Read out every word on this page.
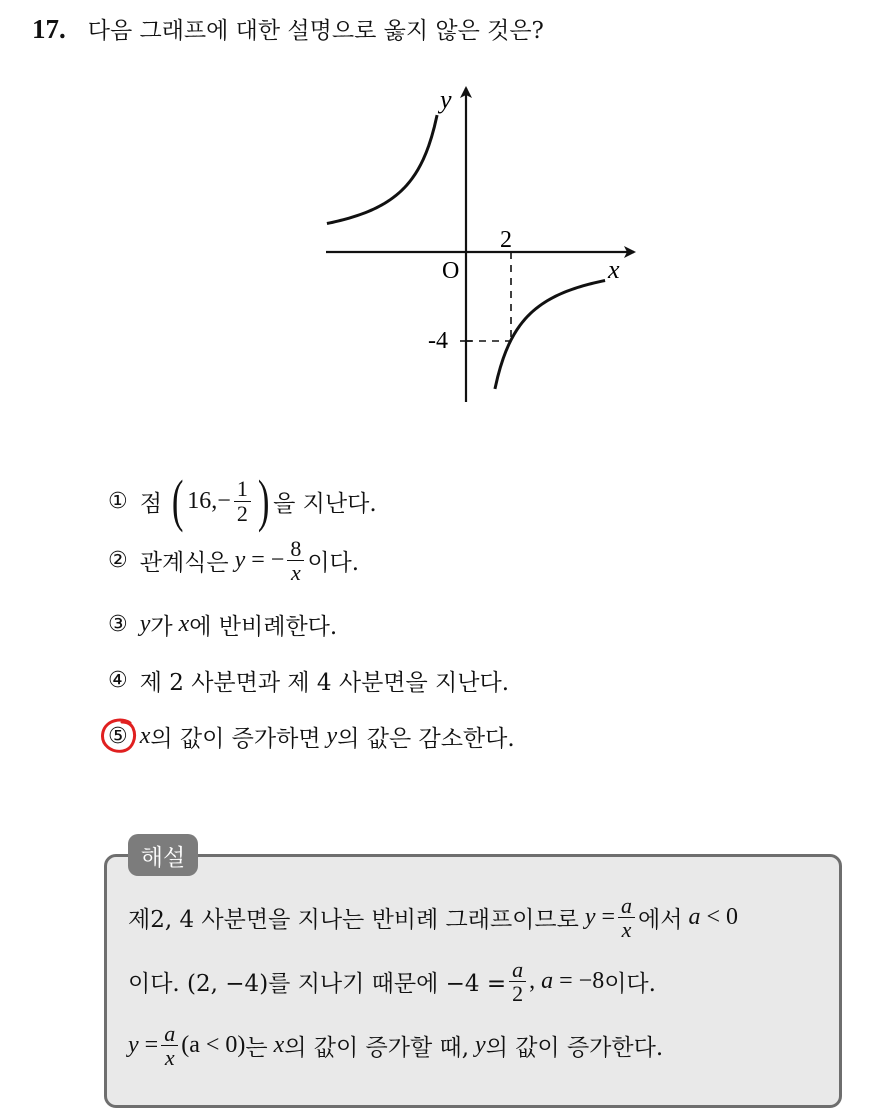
17. 다음 그래프에 대한 설명으로 옳지 않은 것은?
y
x
O
2
-4
① 점 ( 16, − $\frac{1}{2}$ ) 을 지난다.
② 관계식은 y = − $\frac{8}{x}$ 이다.
③ y 가 x 에 반비례한다.
④ 제 2 사분면과 제 4 사분면을 지난다.
⑤ x 의 값이 증가하면 y 의 값은 감소한다.
해설
제2, 4 사분면을 지나는 반비례 그래프이므로 $y = \frac{a}{x}$ 에서 a < 0
이다. (2, −4)를 지나기 때문에 $-4 = \frac{a}{2}$ , a = −8 이다.
$y = \frac{a}{x} (a < 0)$ 는 x 의 값이 증가할 때, y 의 값이 증가한다.
